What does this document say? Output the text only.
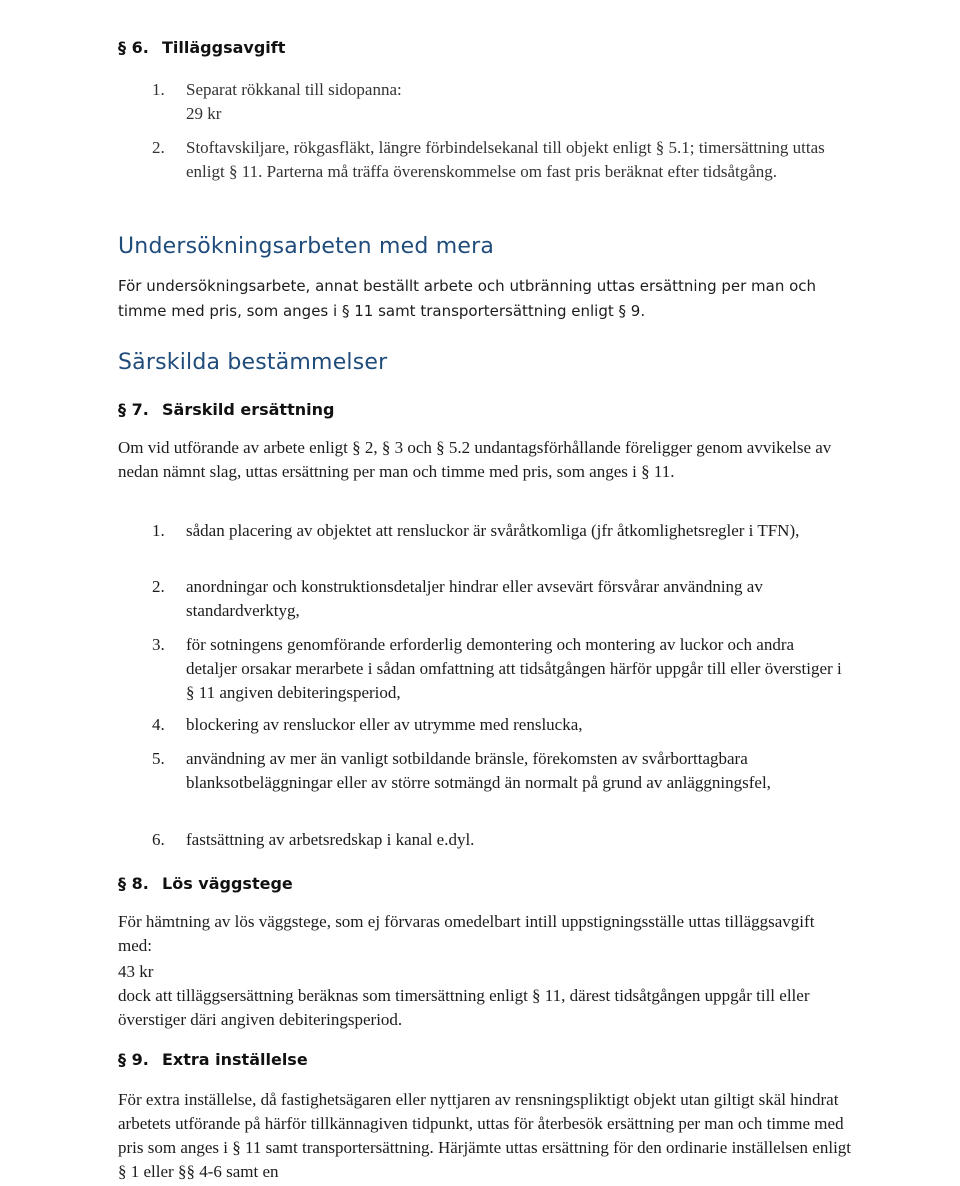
§ 6. Tilläggsavgift
1. Separat rökkanal till sidopanna:
29 kr
2. Stoftavskiljare, rökgasfläkt, längre förbindelsekanal till objekt enligt § 5.1; timersättning uttas enligt § 11. Parterna må träffa överenskommelse om fast pris beräknat efter tidsåtgång.
Undersökningsarbeten med mera

För undersökningsarbete, annat beställt arbete och utbränning uttas ersättning per man och timme med pris, som anges i § 11 samt transportersättning enligt § 9.

Särskilda bestämmelser
§ 7. Särskild ersättning

Om vid utförande av arbete enligt § 2, § 3 och § 5.2 undantagsförhållande föreligger genom avvikelse av nedan nämnt slag, uttas ersättning per man och timme med pris, som anges i § 11.

1. sådan placering av objektet att rensluckor är svåråtkomliga (jfr åtkomlighetsregler i TFN),
2. anordningar och konstruktionsdetaljer hindrar eller avsevärt försvårar användning av standardverktyg,
3. för sotningens genomförande erforderlig demontering och montering av luckor och andra detaljer orsakar merarbete i sådan omfattning att tidsåtgången härför uppgår till eller överstiger i § 11 angiven debiteringsperiod,
4. blockering av rensluckor eller av utrymme med renslucka,
5. användning av mer än vanligt sotbildande bränsle, förekomsten av svårborttagbara blanksotbeläggningar eller av större sotmängd än normalt på grund av anläggningsfel,
6. fastsättning av arbetsredskap i kanal e.dyl.
§ 8. Lös väggstege

För hämtning av lös väggstege, som ej förvaras omedelbart intill uppstigningsställe uttas tilläggsavgift med:

43 kr

dock att tilläggsersättning beräknas som timersättning enligt § 11, därest tidsåtgången uppgår till eller överstiger däri angiven debiteringsperiod.

§ 9. Extra inställelse

För extra inställelse, då fastighetsägaren eller nyttjaren av rensningspliktigt objekt utan giltigt skäl hindrat arbetets utförande på härför tillkännagiven tidpunkt, uttas för återbesök ersättning per man och timme med pris som anges i § 11 samt transportersättning. Härjämte uttas ersättning för den ordinarie inställelsen enligt § 1 eller §§ 4-6 samt en
